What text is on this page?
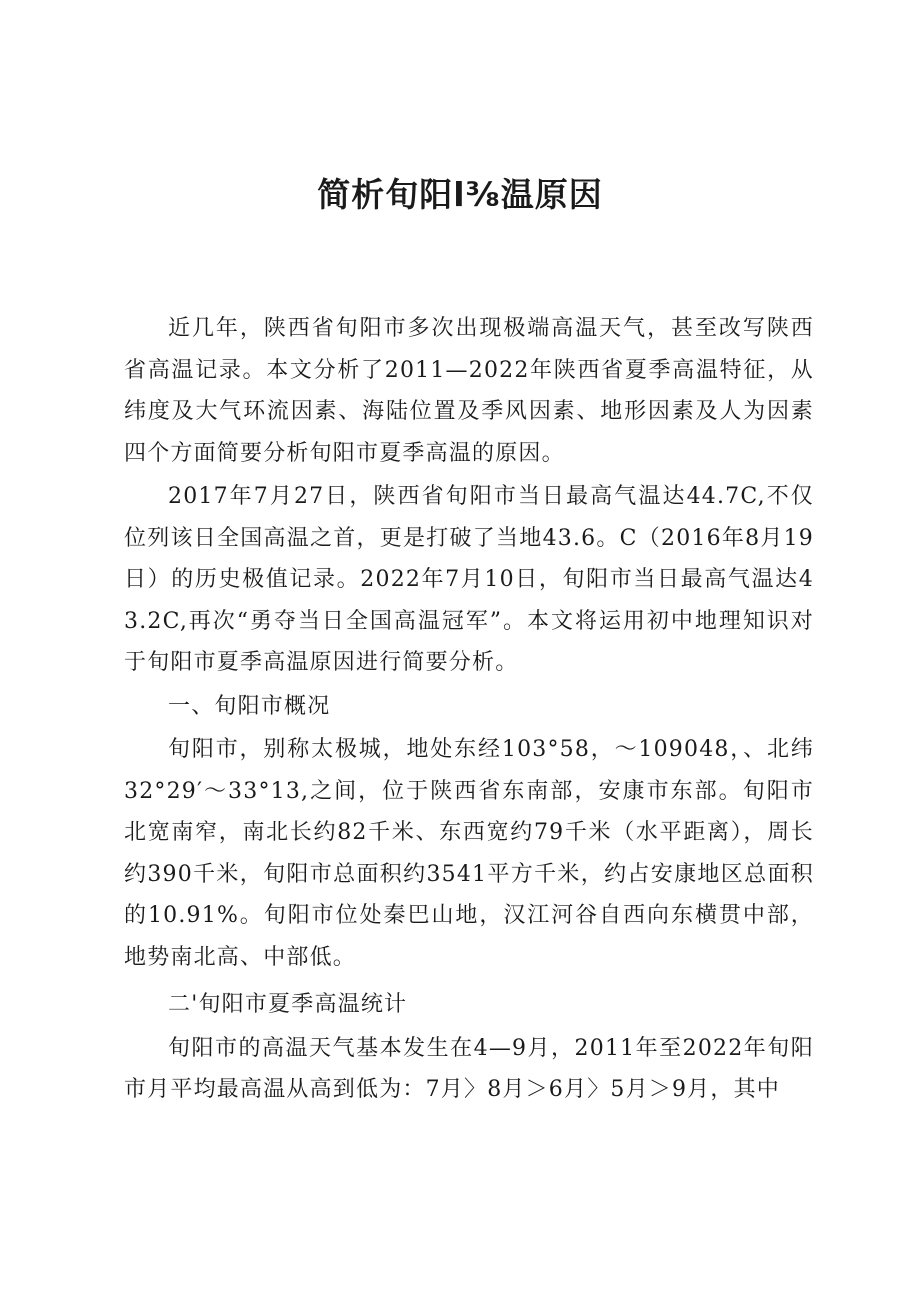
简析旬阳l⅜温原因

近几年，陕西省旬阳市多次出现极端高温天气，甚至改写陕西省高温记录。本文分析了2011—2022年陕西省夏季高温特征，从纬度及大气环流因素、海陆位置及季风因素、地形因素及人为因素四个方面简要分析旬阳市夏季高温的原因。

2017年7月27日，陕西省旬阳市当日最高气温达44.7C,不仅位列该日全国高温之首，更是打破了当地43.6。C（2016年8月19日）的历史极值记录。2022年7月10日，旬阳市当日最高气温达43.2C,再次“勇夺当日全国高温冠军”。本文将运用初中地理知识对于旬阳市夏季高温原因进行简要分析。

一、旬阳市概况

旬阳市，别称太极城，地处东经103°58，〜109048，、北纬32°29′〜33°13,之间，位于陕西省东南部，安康市东部。旬阳市北宽南窄，南北长约82千米、东西宽约79千米（水平距离），周长约390千米，旬阳市总面积约3541平方千米，约占安康地区总面积的10.91%。旬阳市位处秦巴山地，汉江河谷自西向东横贯中部，地势南北高、中部低。

二'旬阳市夏季高温统计

旬阳市的高温天气基本发生在4—9月，2011年至2022年旬阳市月平均最高温从高到低为：7月〉8月＞6月〉5月＞9月，其中
